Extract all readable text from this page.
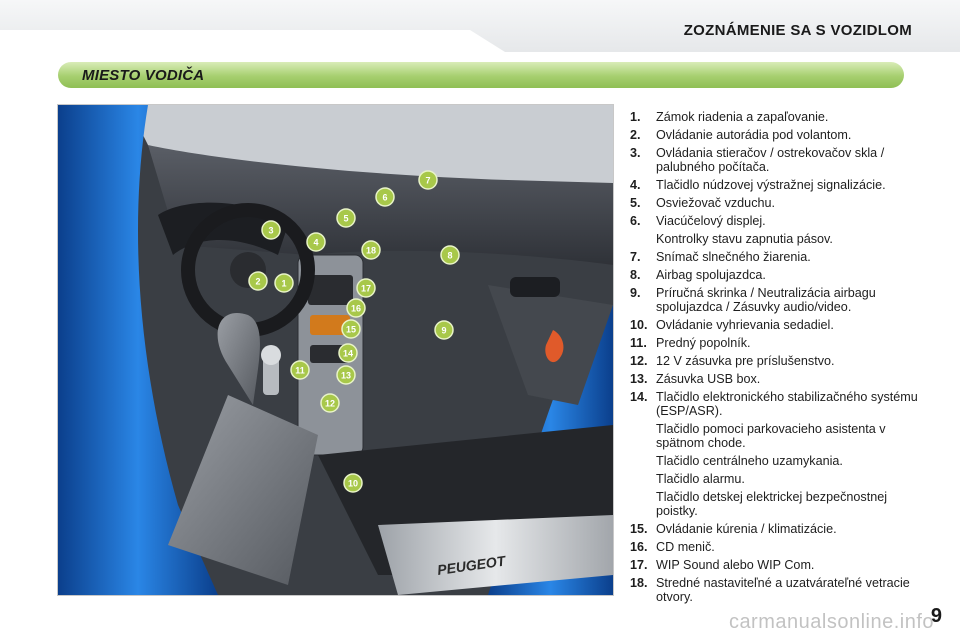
ZOZNÁMENIE SA S VOZIDLOM
MIESTO VODIČA
PEUGEOT
7
6
5
3
4
18	8
2 1	17
16
15
14
13
9
11
12
10
1.	Zámok riadenia a zapaľovanie.
2.	Ovládanie autorádia pod volantom.
3.	Ovládania stieračov / ostrekovačov skla / palubného počítača.
4.	Tlačidlo núdzovej výstražnej signalizácie.
5.	Osviežovač vzduchu.
6.	Viacúčelový displej.
Kontrolky stavu zapnutia pásov.
7.	Snímač slnečného žiarenia.
8.	Airbag spolujazdca.
9.	Príručná skrinka / Neutralizácia airbagu spolujazdca / Zásuvky audio/video.
10. Ovládanie vyhrievania sedadiel.
11. Predný popolník.
12. 12 V zásuvka pre príslušenstvo.
13. Zásuvka USB box.
14. Tlačidlo elektronického stabilizačného systému (ESP/ASR).
Tlačidlo pomoci parkovacieho asistenta v spätnom chode.
Tlačidlo centrálneho uzamykania.
Tlačidlo alarmu.
Tlačidlo detskej elektrickej bezpečnostnej poistky.
15. Ovládanie kúrenia / klimatizácie.
16. CD menič.
17. WIP Sound alebo WIP Com.
18. Stredné nastaviteľné a uzatvárateľné vetracie otvory.
9
carmanualsonline.info
